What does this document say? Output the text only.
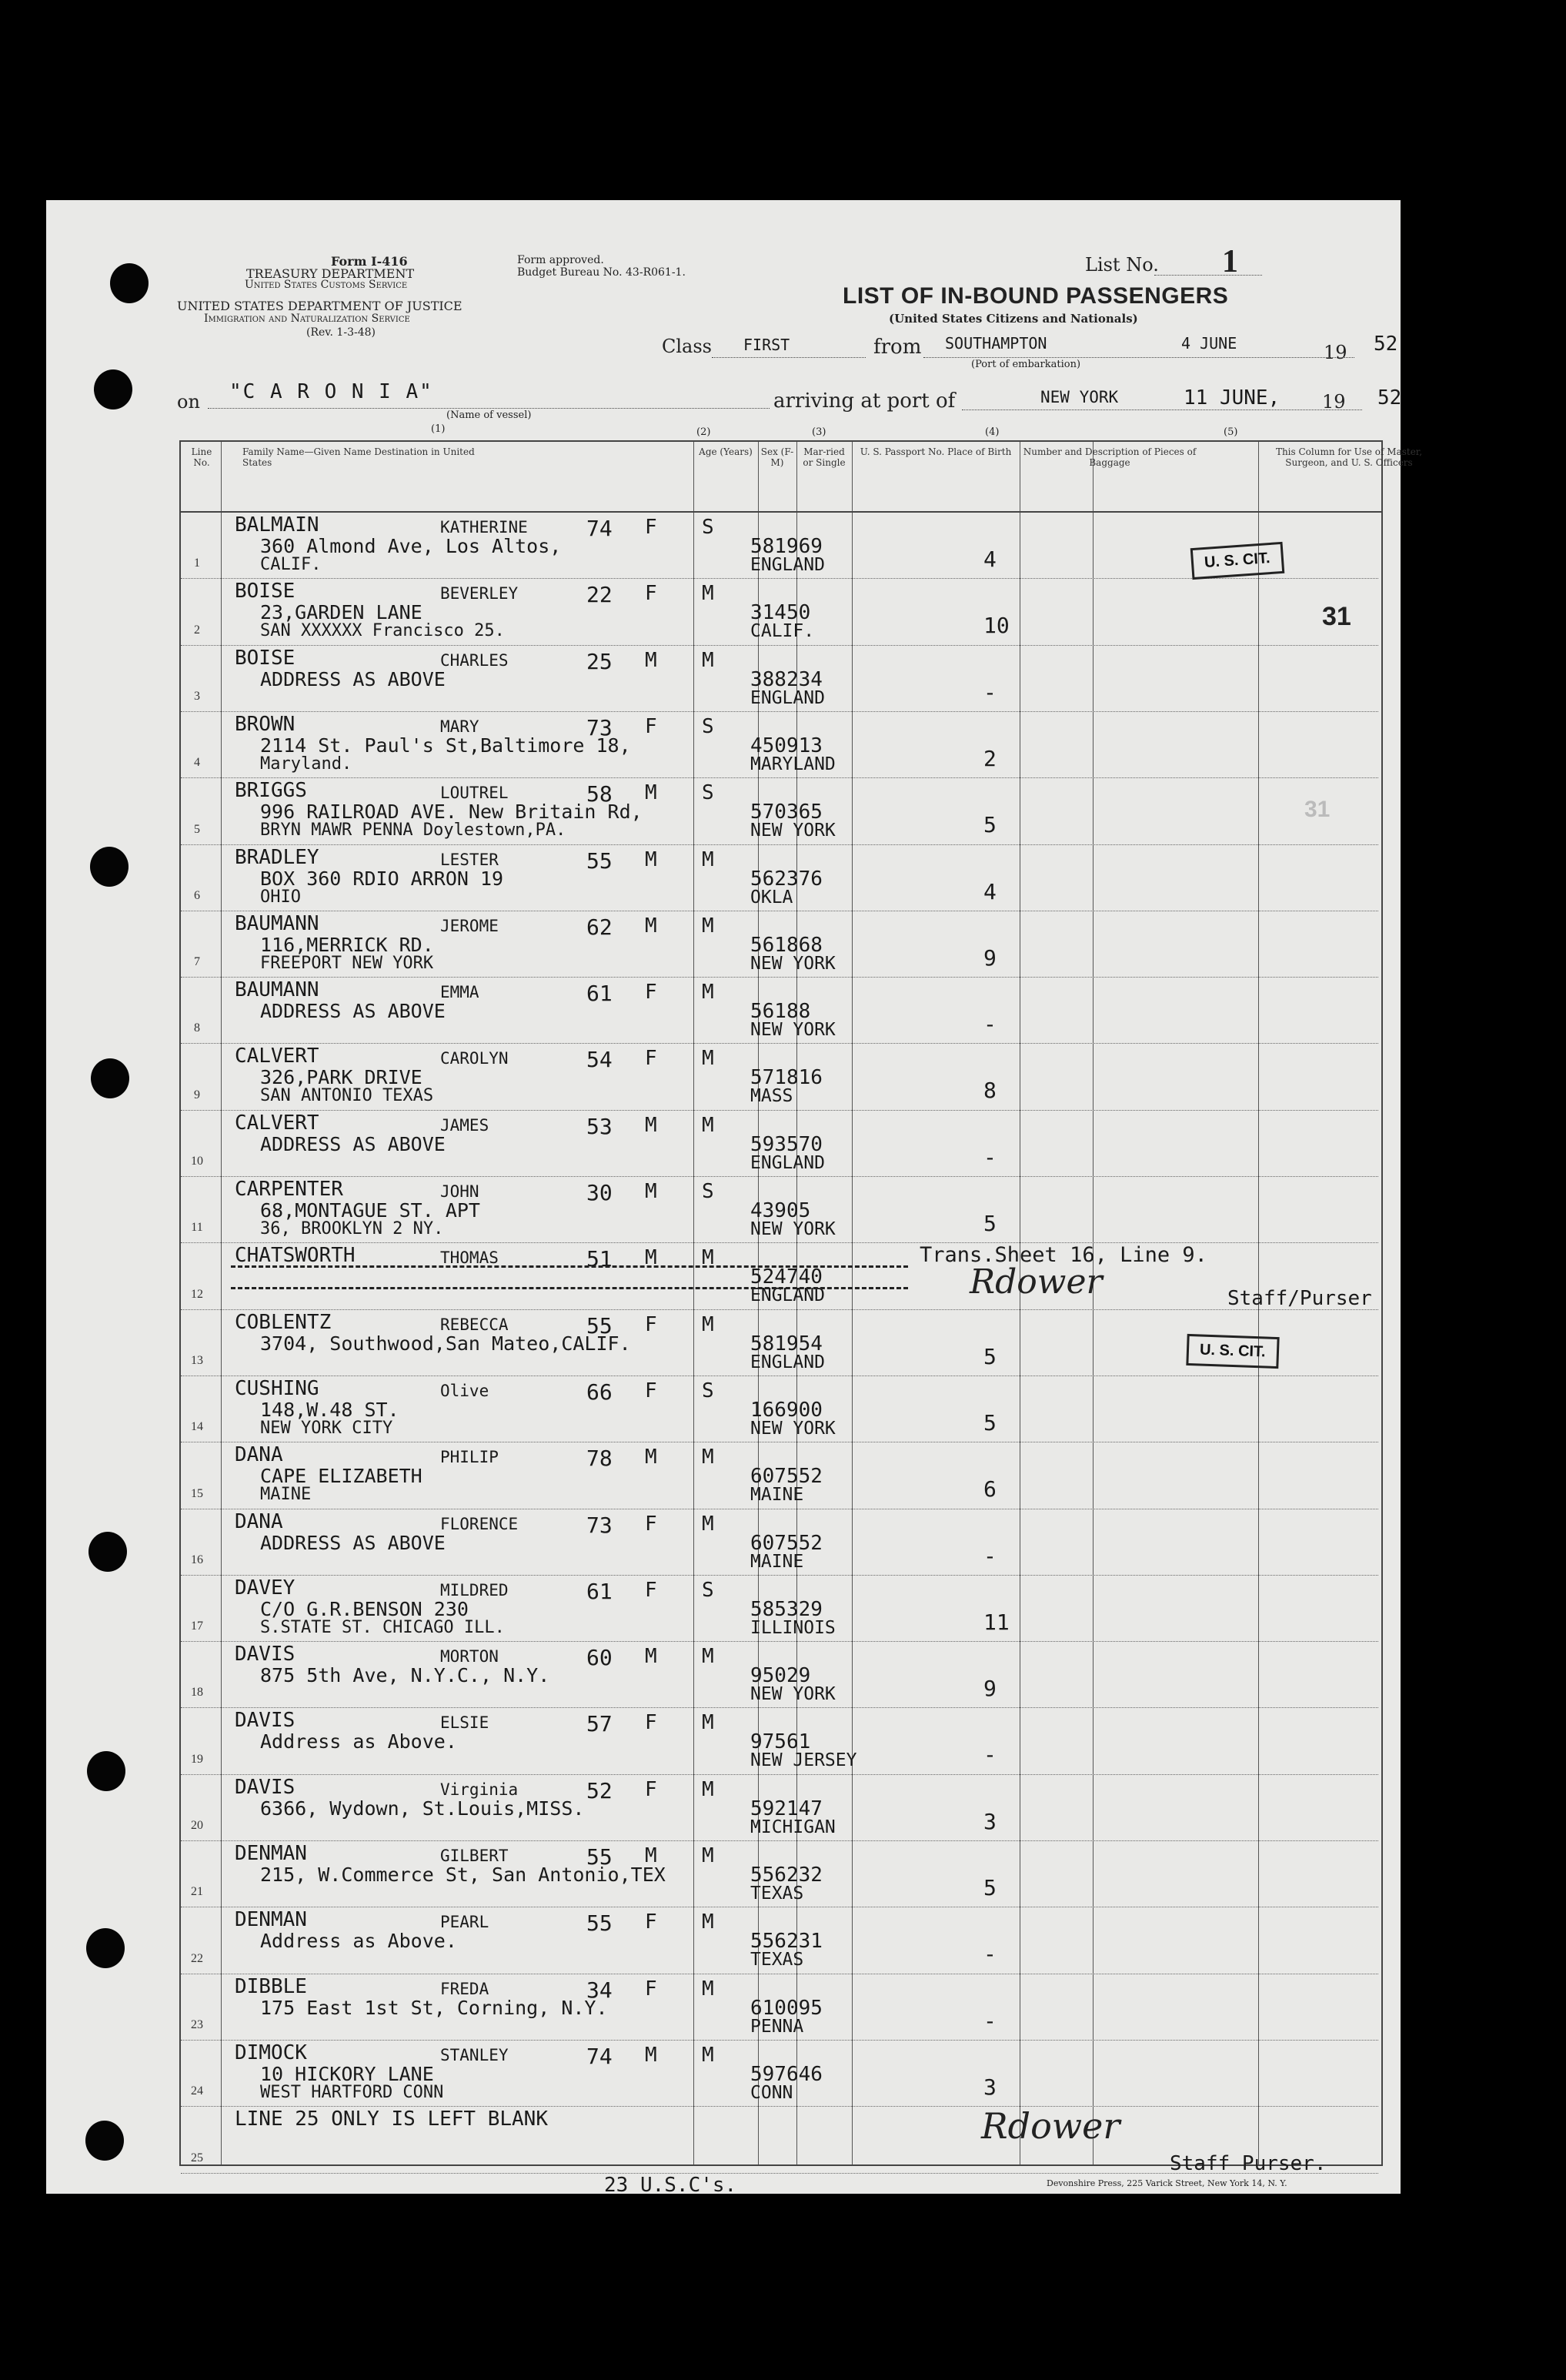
Form I-416
TREASURY DEPARTMENT
United States Customs Service
UNITED STATES DEPARTMENT OF JUSTICE
Immigration and Naturalization Service
(Rev. 1-3-48)
Form approved.
Budget Bureau No. 43-R061-1.	List No. 1
LIST OF IN-BOUND PASSENGERS
(United States Citizens and Nationals)
Class FIRST	from SOUTHAMPTON
(Port of embarkation)
4 JUNE	19 52
on "C A R O N I A"
(Name of vessel)
arriving at port of	NEW YORK	11 JUNE, 19 52
(1)	(2)	(3)	(4)	(5)
Line No.
Family Name—Given Name Destination in United States
Age (Years) Sex (F-M)
Mar-ried or Single
U. S. Passport No. Place of Birth	Number and Description of Pieces of Baggage
This Column for Use of Master, Surgeon, and U. S. Officers
1
BALMAIN	KATHERINE
360 Almond Ave, Los Altos,
CALIF.
74 F S
581969
ENGLAND	4
2
BOISE	BEVERLEY
23,GARDEN LANE
SAN XXXXXX Francisco 25.
22 F M
31450
CALIF.	10
3
BOISE	CHARLES
ADDRESS AS ABOVE
25 M M
388234
ENGLAND	-
4
BROWN	MARY
2114 St. Paul's St,Baltimore 18,
Maryland.
73 F S
450913
MARYLAND	2
5
BRIGGS	LOUTREL
996 RAILROAD AVE. New Britain Rd,
BRYN MAWR PENNA Doylestown,PA.
58 M S
570365
NEW YORK	5
6
BRADLEY	LESTER
BOX 360 RDIO ARRON 19
OHIO
55 M M
562376
OKLA	4
7
BAUMANN	JEROME
116,MERRICK RD.
FREEPORT NEW YORK
62 M M
561868
NEW YORK	9
8
BAUMANN	EMMA
ADDRESS AS ABOVE
61 F M
56188
NEW YORK	-
9
CALVERT	CAROLYN
326,PARK DRIVE
SAN ANTONIO TEXAS
54 F M
571816
MASS	8
10
CALVERT	JAMES
ADDRESS AS ABOVE
53 M M
593570
ENGLAND	-
11
CARPENTER	JOHN
68,MONTAGUE ST. APT
36, BROOKLYN 2 NY.
30 M S
43905
NEW YORK	5
12
CHATSWORTH	THOMAS	51 M M
524740
ENGLAND
13
COBLENTZ	REBECCA
3704, Southwood,San Mateo,CALIF.
55 F M
581954
ENGLAND	5
14
CUSHING	Olive
148,W.48 ST.
NEW YORK CITY
66 F S
166900
NEW YORK	5
15
DANA	PHILIP
CAPE ELIZABETH
MAINE
78 M M
607552
MAINE	6
16
DANA	FLORENCE
ADDRESS AS ABOVE
73 F M
607552
MAINE	-
17
DAVEY	MILDRED
C/O G.R.BENSON 230
S.STATE ST. CHICAGO ILL.
61 F S
585329
ILLINOIS	11
18
DAVIS	MORTON
875 5th Ave, N.Y.C., N.Y.
60 M M
95029
NEW YORK	9
19
DAVIS	ELSIE
Address as Above.
57 F M
97561
NEW JERSEY	-
20
DAVIS	Virginia
6366, Wydown, St.Louis,MISS.
52 F M
592147
MICHIGAN	3
21
DENMAN	GILBERT
215, W.Commerce St, San Antonio,TEX
55 M M
556232
TEXAS	5
22
DENMAN	PEARL
Address as Above.
55 F M
556231
TEXAS	-
23
DIBBLE	FREDA
175 East 1st St, Corning, N.Y.
34 F M
610095
PENNA	-
24
DIMOCK	STANLEY
10 HICKORY LANE
WEST HARTFORD CONN
74 M M
597646
CONN	3
25
LINE 25 ONLY IS LEFT BLANK
U. S. CIT.
U. S. CIT.
31
31
Trans.Sheet 16, Line 9.
Rdower	Staff/Purser
Rdower
Staff Purser.
23 U.S.C's.	Devonshire Press, 225 Varick Street, New York 14, N. Y.
